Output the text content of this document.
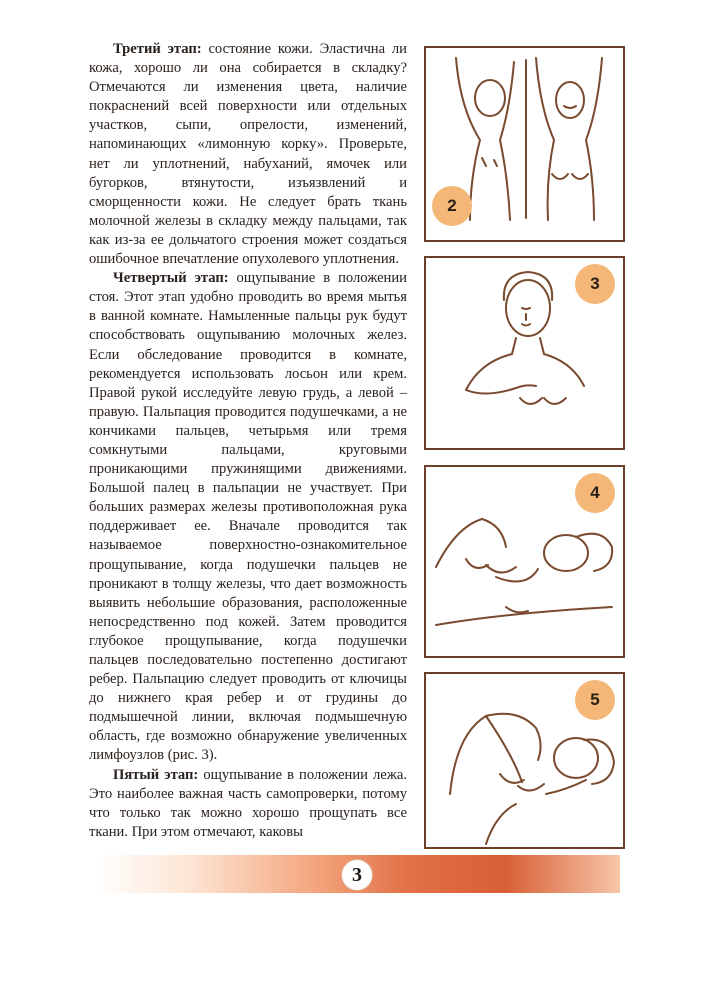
Третий этап: состояние кожи. Эластична ли кожа, хорошо ли она собирается в складку? Отмечаются ли изменения цвета, наличие покраснений всей поверхности или отдельных участков, сыпи, опрелости, изменений, напоминающих «лимонную корку». Проверьте, нет ли уплотнений, набуханий, ямочек или бугорков, втянутости, изъязвлений и сморщенности кожи. Не следует брать ткань молочной железы в складку между пальцами, так как из-за ее дольчатого строения может создаться ошибочное впечатление опухолевого уплотнения.

Четвертый этап: ощупывание в положении стоя. Этот этап удобно проводить во время мытья в ванной комнате. Намыленные пальцы рук будут способствовать ощупыванию молочных желез. Если обследование проводится в комнате, рекомендуется использовать лосьон или крем. Правой рукой исследуйте левую грудь, а левой – правую. Пальпация проводится подушечками, а не кончиками пальцев, четырьмя или тремя сомкнутыми пальцами, круговыми проникающими пружинящими движениями. Большой палец в пальпации не участвует. При больших размерах железы противоположная рука поддерживает ее. Вначале проводится так называемое поверхностно-ознакомительное прощупывание, когда подушечки пальцев не проникают в толщу железы, что дает возможность выявить небольшие образования, расположенные непосредственно под кожей. Затем проводится глубокое прощупывание, когда подушечки пальцев последовательно постепенно достигают ребер. Пальпацию следует проводить от ключицы до нижнего края ребер и от грудины до подмышечной линии, включая подмышечную область, где возможно обнаружение увеличенных лимфоузлов (рис. 3).

Пятый этап: ощупывание в положении лежа. Это наиболее важная часть самопроверки, потому что только так можно хорошо прощупать все ткани. При этом отмечают, каковы

2
3
4
5
3
